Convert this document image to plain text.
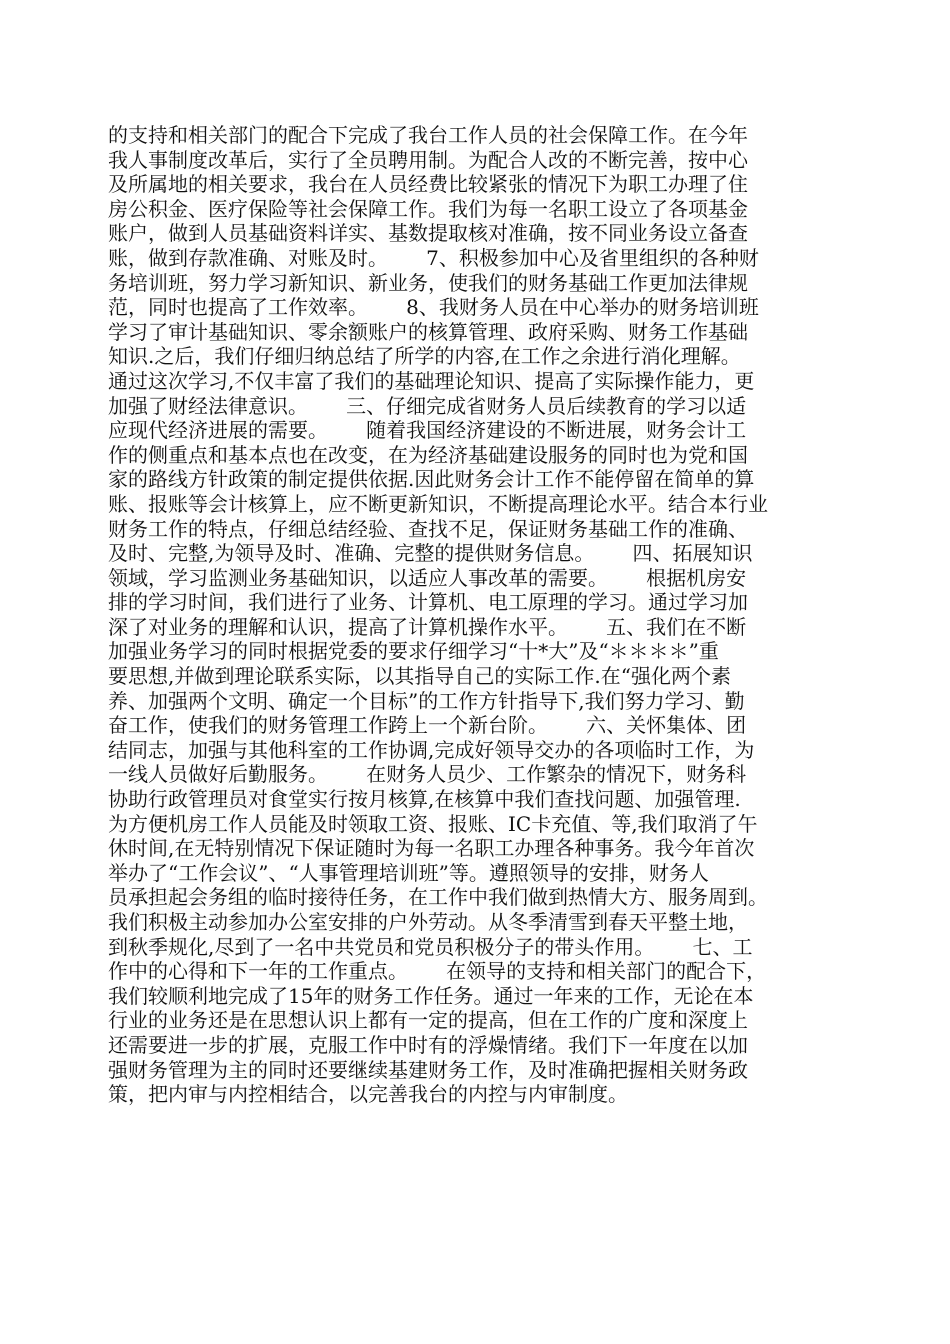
的支持和相关部门的配合下完成了我台工作人员的社会保障工作。在今年
我人事制度改革后，实行了全员聘用制。为配合人改的不断完善，按中心
及所属地的相关要求，我台在人员经费比较紧张的情况下为职工办理了住
房公积金、医疗保险等社会保障工作。我们为每一名职工设立了各项基金
账户，做到人员基础资料详实、基数提取核对准确，按不同业务设立备查
账，做到存款准确、对账及时。      7、积极参加中心及省里组织的各种财
务培训班，努力学习新知识、新业务，使我们的财务基础工作更加法律规
范，同时也提高了工作效率。      8、我财务人员在中心举办的财务培训班
学习了审计基础知识、零余额账户的核算管理、政府采购、财务工作基础
知识.之后，我们仔细归纳总结了所学的内容,在工作之余进行消化理解。
通过这次学习,不仅丰富了我们的基础理论知识、提高了实际操作能力，更
加强了财经法律意识。      三、仔细完成省财务人员后续教育的学习以适
应现代经济进展的需要。      随着我国经济建设的不断进展，财务会计工
作的侧重点和基本点也在改变，在为经济基础建设服务的同时也为党和国
家的路线方针政策的制定提供依据.因此财务会计工作不能停留在简单的算
账、报账等会计核算上，应不断更新知识，不断提高理论水平。结合本行业
财务工作的特点，仔细总结经验、查找不足，保证财务基础工作的准确、
及时、完整,为领导及时、准确、完整的提供财务信息。      四、拓展知识
领域，学习监测业务基础知识，以适应人事改革的需要。      根据机房安
排的学习时间，我们进行了业务、计算机、电工原理的学习。通过学习加
深了对业务的理解和认识，提高了计算机操作水平。      五、我们在不断
加强业务学习的同时根据党委的要求仔细学习“十*大”及“＊＊＊＊”重
要思想,并做到理论联系实际，以其指导自己的实际工作.在“强化两个素
养、加强两个文明、确定一个目标”的工作方针指导下,我们努力学习、勤
奋工作，使我们的财务管理工作跨上一个新台阶。      六、关怀集体、团
结同志，加强与其他科室的工作协调,完成好领导交办的各项临时工作，为
一线人员做好后勤服务。      在财务人员少、工作繁杂的情况下，财务科
协助行政管理员对食堂实行按月核算,在核算中我们查找问题、加强管理.
为方便机房工作人员能及时领取工资、报账、IC卡充值、等,我们取消了午
休时间,在无特别情况下保证随时为每一名职工办理各种事务。我今年首次
举办了“工作会议”、“人事管理培训班”等。遵照领导的安排，财务人
员承担起会务组的临时接待任务，在工作中我们做到热情大方、服务周到。
我们积极主动参加办公室安排的户外劳动。从冬季清雪到春天平整土地，
到秋季规化,尽到了一名中共党员和党员积极分子的带头作用。      七、工
作中的心得和下一年的工作重点。      在领导的支持和相关部门的配合下，
我们较顺利地完成了15年的财务工作任务。通过一年来的工作，无论在本
行业的业务还是在思想认识上都有一定的提高，但在工作的广度和深度上
还需要进一步的扩展，克服工作中时有的浮燥情绪。我们下一年度在以加
强财务管理为主的同时还要继续基建财务工作，及时准确把握相关财务政
策，把内审与内控相结合，以完善我台的内控与内审制度。
